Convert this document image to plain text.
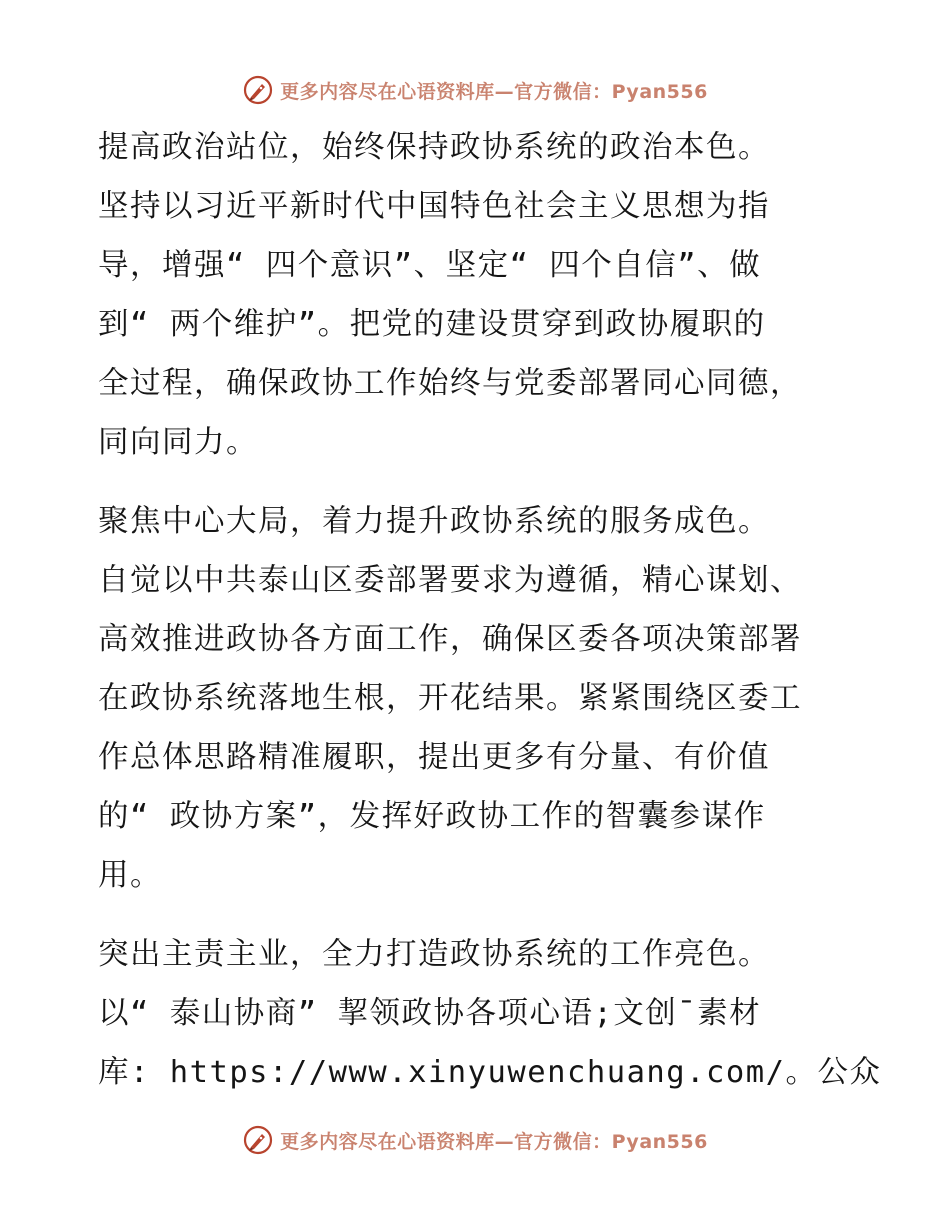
更多内容尽在心语资料库—官方微信：Pyan556

提高政治站位，始终保持政协系统的政治本色。
坚持以习近平新时代中国特色社会主义思想为指
导，增强“ 四个意识”、坚定“ 四个自信”、做
到“ 两个维护”。把党的建设贯穿到政协履职的
全过程，确保政协工作始终与党委部署同心同德，
同向同力。

聚焦中心大局，着力提升政协系统的服务成色。
自觉以中共泰山区委部署要求为遵循，精心谋划、
高效推进政协各方面工作，确保区委各项决策部署
在政协系统落地生根，开花结果。紧紧围绕区委工
作总体思路精准履职，提出更多有分量、有价值
的“ 政协方案”，发挥好政协工作的智囊参谋作
用。

突出主责主业，全力打造政协系统的工作亮色。
以“ 泰山协商” 挈领政协各项心语;文创¯素材
库: https://www.xinyuwenchuang.com/。公众

更多内容尽在心语资料库—官方微信：Pyan556
